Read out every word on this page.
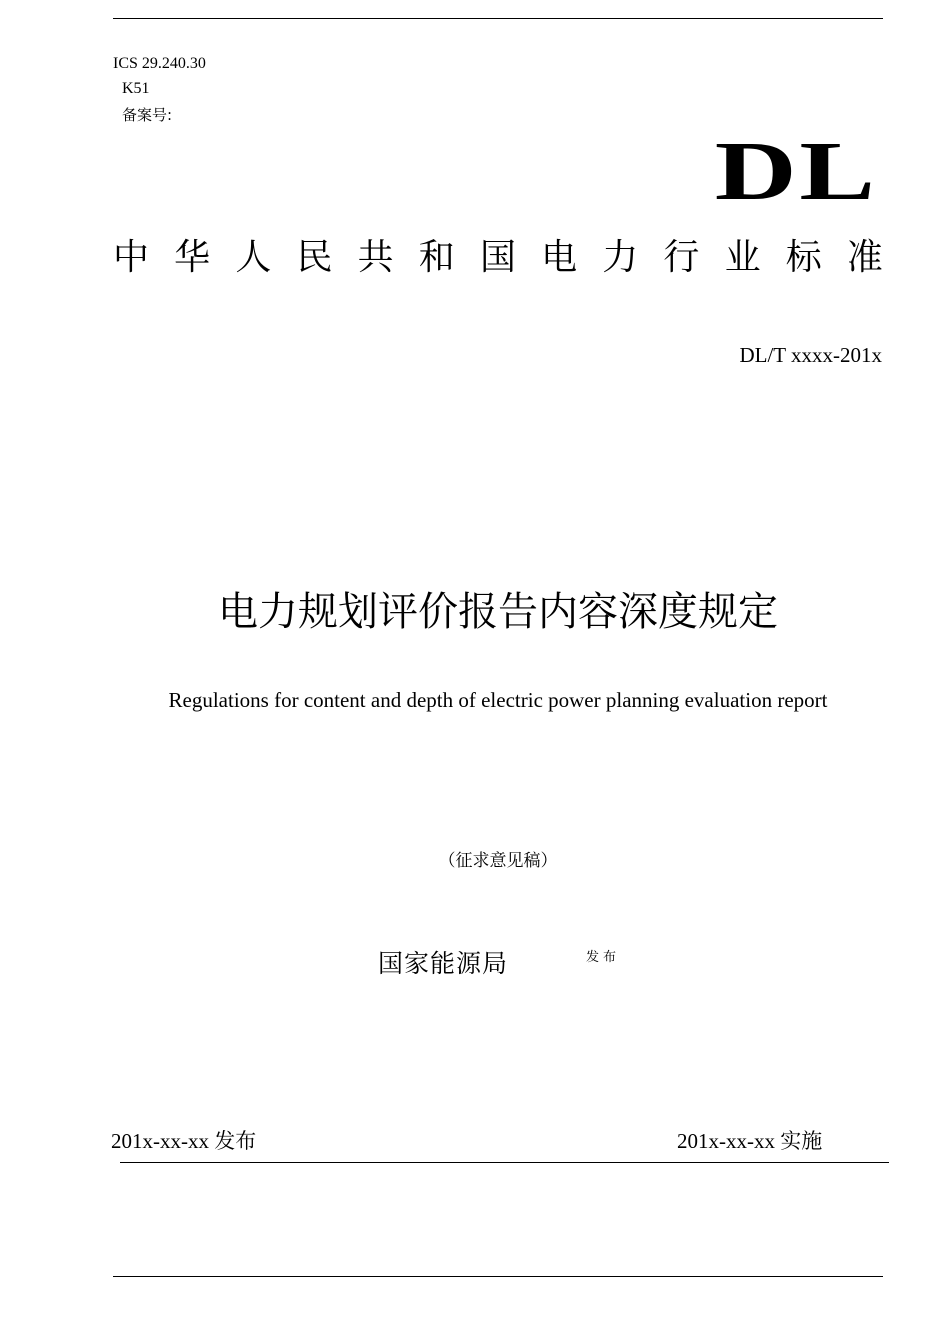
ICS 29.240.30
K51
备案号:
DL
中 华 人 民 共 和 国 电 力 行 业 标 准
DL/T xxxx-201x
电力规划评价报告内容深度规定
Regulations for content and depth of electric power planning evaluation report
（征求意见稿）
国家能源局	发布
201x-xx-xx 发布	201x-xx-xx 实施
